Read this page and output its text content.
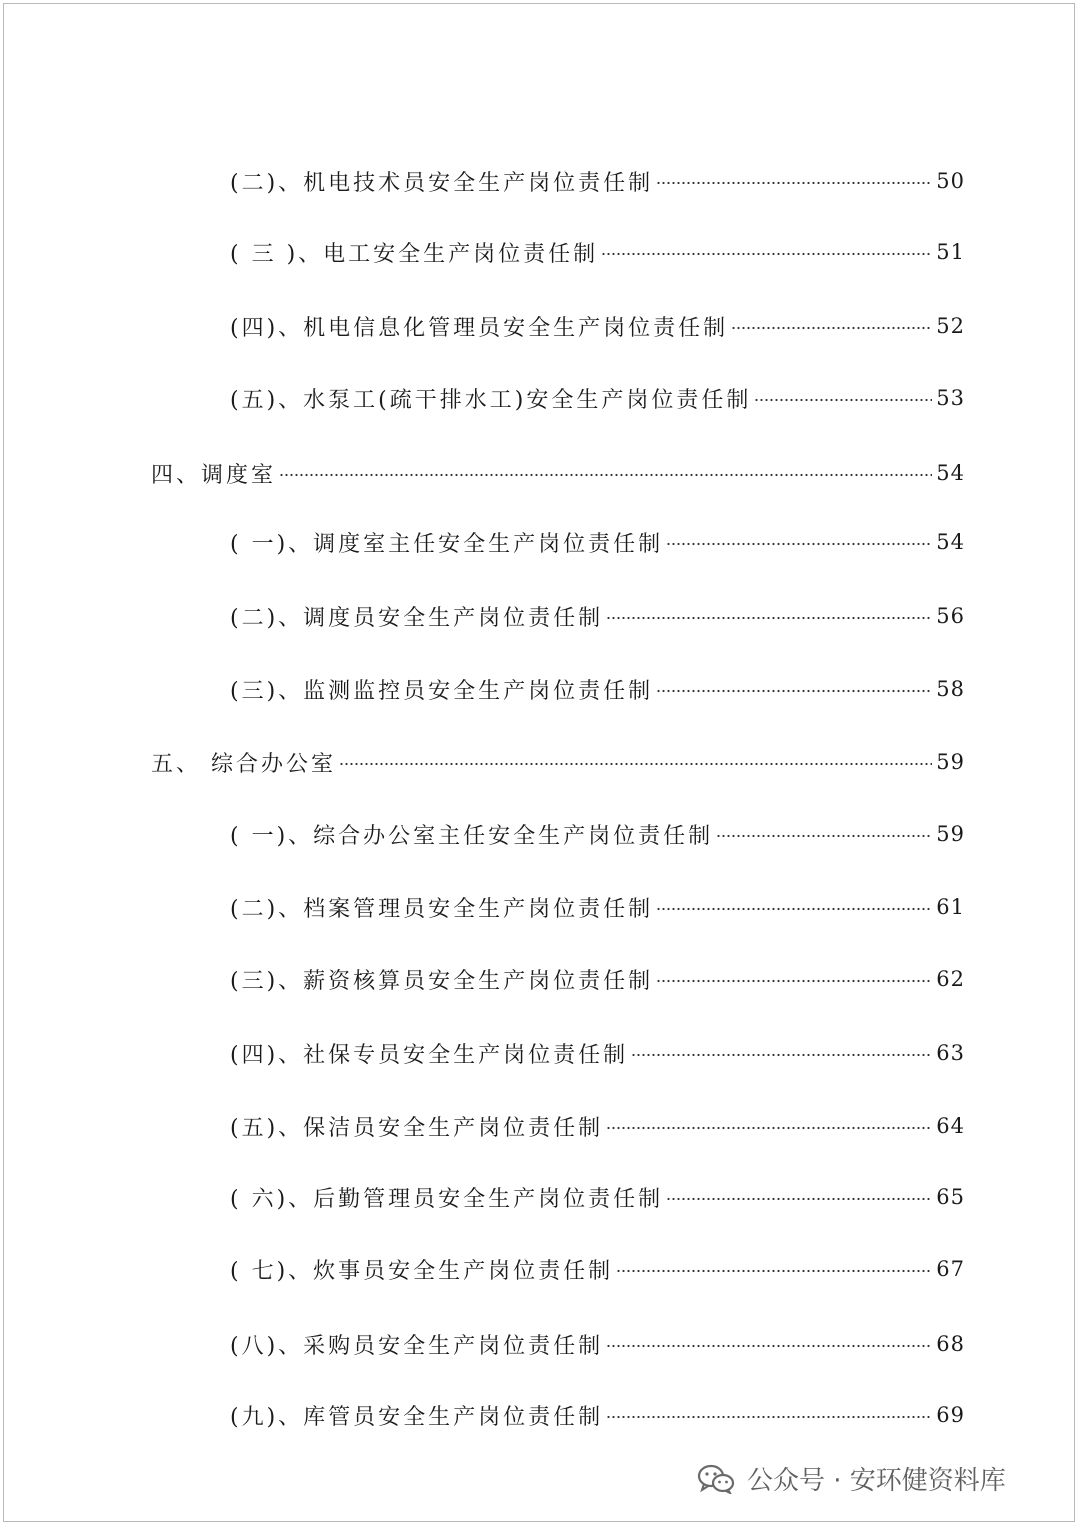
(二)、机电技术员安全生产岗位责任制	50
( 三 )、电工安全生产岗位责任制	51
(四)、机电信息化管理员安全生产岗位责任制	52
(五)、水泵工(疏干排水工)安全生产岗位责任制	53
四、调度室	54
( 一)、调度室主任安全生产岗位责任制	54
(二)、调度员安全生产岗位责任制	56
(三)、监测监控员安全生产岗位责任制	58
五、 综合办公室	59
( 一)、综合办公室主任安全生产岗位责任制	59
(二)、档案管理员安全生产岗位责任制	61
(三)、薪资核算员安全生产岗位责任制	62
(四)、社保专员安全生产岗位责任制	63
(五)、保洁员安全生产岗位责任制	64
( 六)、后勤管理员安全生产岗位责任制	65
( 七)、炊事员安全生产岗位责任制	67
(八)、采购员安全生产岗位责任制	68
(九)、库管员安全生产岗位责任制	69
公众号 · 安环健资料库
